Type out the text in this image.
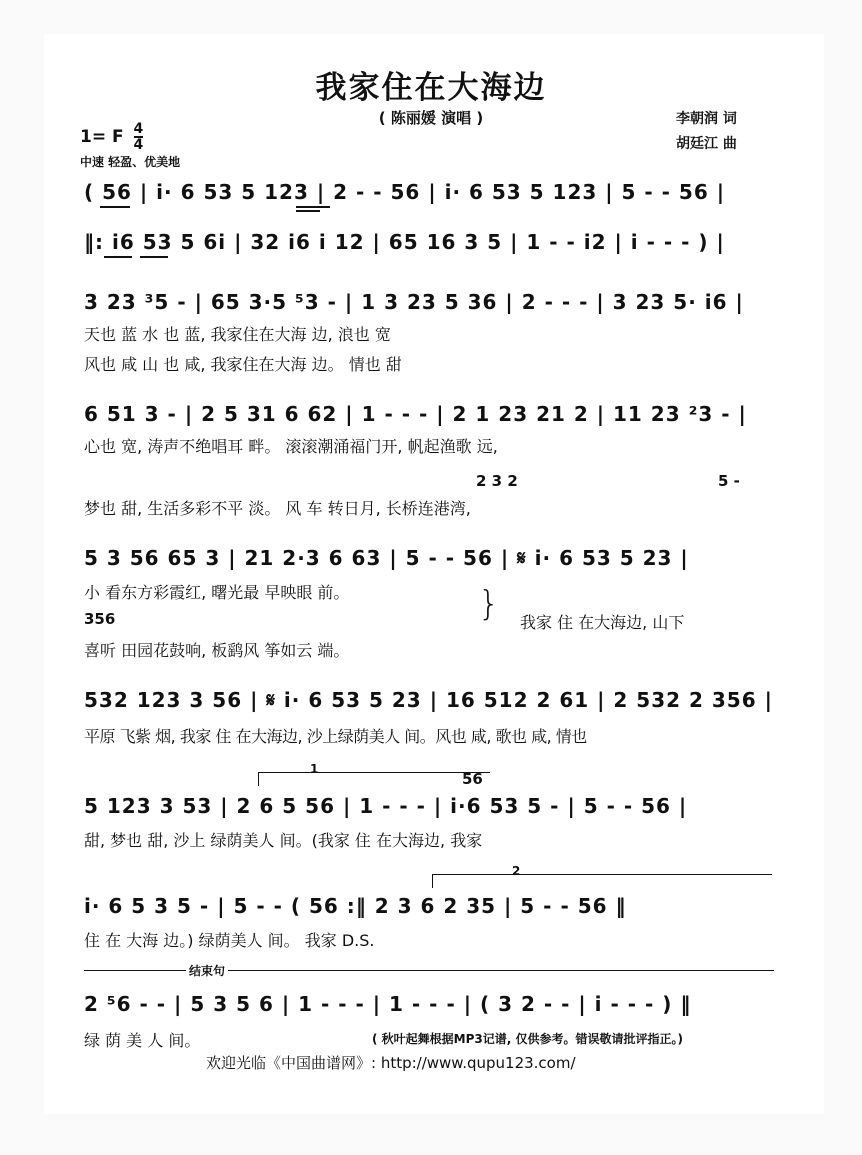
我家住在大海边
( 陈丽媛 演唱 )	李朝润 词
胡廷江 曲
1= F $\frac{4}{4}$
中速 轻盈、优美地
( 56 | i· 6 53 5 123 | 2 - - 56 | i· 6 53 5 123 | 5 - - 56 |
‖: i6 53 5 6i | 32 i6 i 12 | 65 16 3 5 | 1 - - i2 | i - - - ) |
3 23 ³5 - | 65 3·5 ⁵3 - | 1 3 23 5 36 | 2 - - - | 3 23 5· i6 |
天也 蓝 水 也 蓝, 我家住在大海 边, 浪也 宽
风也 咸 山 也 咸, 我家住在大海 边。 情也 甜
6 51 3 - | 2 5 31 6 62 | 1 - - - | 2 1 23 21 2 | 11 23 ²3 - |
心也 宽, 涛声不绝唱耳 畔。 滚滚潮涌福门开, 帆起渔歌 远,
2 3 2	5 -
梦也 甜, 生活多彩不平 淡。 风 车 转日月, 长桥连港湾,
5 3 56 65 3 | 21 2·3 6 63 | 5 - - 56 | 𝄋 i· 6 53 5 23 |
小 看东方彩霞红, 曙光最 早映眼 前。
356
喜听 田园花鼓响, 板鹞风 筝如云 端。
} 我家 住 在大海边, 山下
532 123 3 56 | 𝄋 i· 6 53 5 23 | 16 512 2 61 | 2 532 2 356 |
平原 飞紫 烟, 我家 住 在大海边, 沙上绿荫美人 间。风也 咸, 歌也 咸, 情也
1
56
5 123 3 53 | 2 6 5 56 | 1 - - - | i·6 53 5 - | 5 - - 56 |
甜, 梦也 甜, 沙上 绿荫美人 间。(我家 住 在大海边, 我家
2
i· 6 5 3 5 - | 5 - - ( 56 :‖ 2 3 6 2 35 | 5 - - 56 ‖
住 在 大海 边。) 绿荫美人 间。 我家 D.S.
结束句
2 ⁵6 - - | 5 3 5 6 | 1 - - - | 1 - - - | ( 3 2 - - | i - - - ) ‖
绿 荫 美 人 间。	( 秋叶起舞根据MP3记谱, 仅供参考。错误敬请批评指正。)
欢迎光临《中国曲谱网》: http://www.qupu123.com/
